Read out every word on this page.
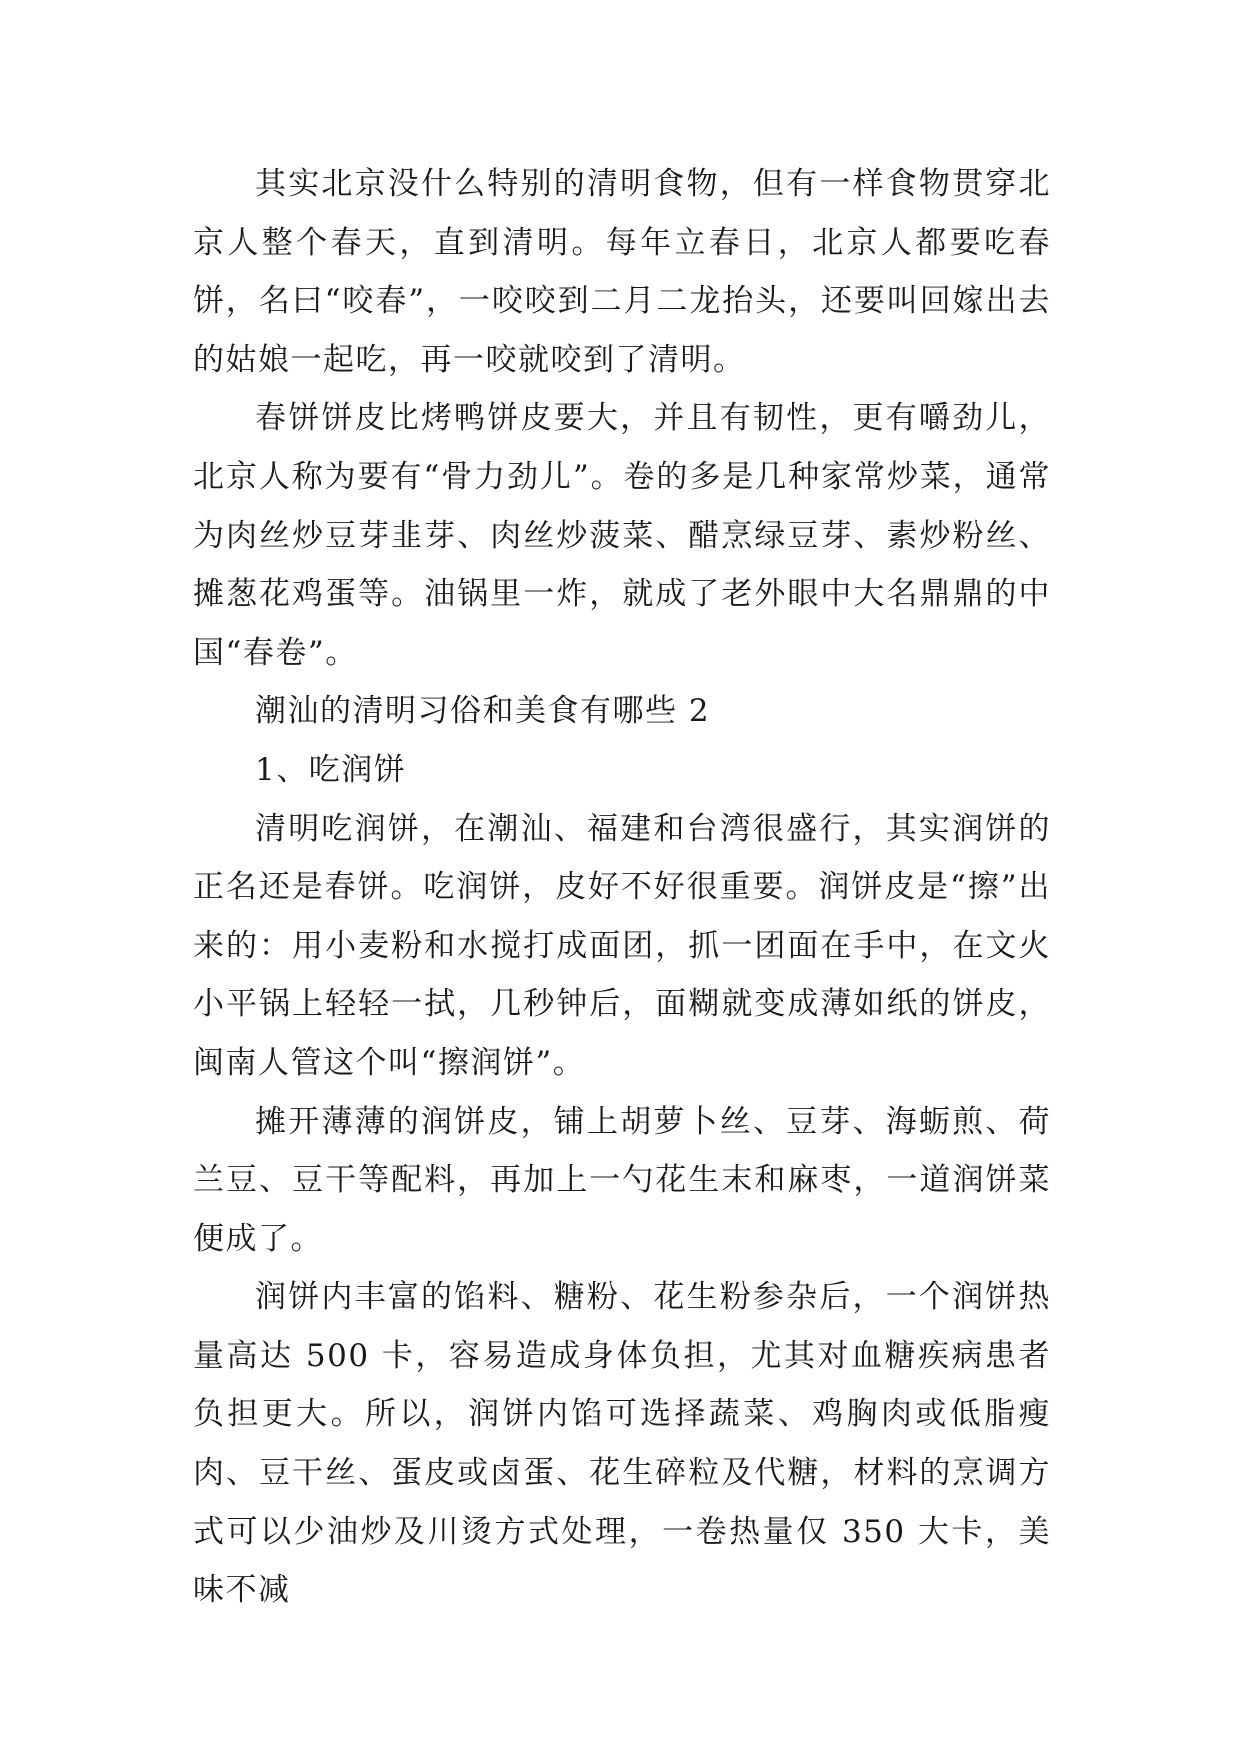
其实北京没什么特别的清明食物，但有一样食物贯穿北京人整个春天，直到清明。每年立春日，北京人都要吃春饼，名曰“咬春”，一咬咬到二月二龙抬头，还要叫回嫁出去的姑娘一起吃，再一咬就咬到了清明。

春饼饼皮比烤鸭饼皮要大，并且有韧性，更有嚼劲儿，北京人称为要有“骨力劲儿”。卷的多是几种家常炒菜，通常为肉丝炒豆芽韭芽、肉丝炒菠菜、醋烹绿豆芽、素炒粉丝、摊葱花鸡蛋等。油锅里一炸，就成了老外眼中大名鼎鼎的中国“春卷”。

潮汕的清明习俗和美食有哪些 2

1、吃润饼

清明吃润饼，在潮汕、福建和台湾很盛行，其实润饼的正名还是春饼。吃润饼，皮好不好很重要。润饼皮是“擦”出来的：用小麦粉和水搅打成面团，抓一团面在手中，在文火小平锅上轻轻一拭，几秒钟后，面糊就变成薄如纸的饼皮，闽南人管这个叫“擦润饼”。

摊开薄薄的润饼皮，铺上胡萝卜丝、豆芽、海蛎煎、荷兰豆、豆干等配料，再加上一勺花生末和麻枣，一道润饼菜便成了。

润饼内丰富的馅料、糖粉、花生粉参杂后，一个润饼热量高达 500 卡，容易造成身体负担，尤其对血糖疾病患者负担更大。所以，润饼内馅可选择蔬菜、鸡胸肉或低脂瘦肉、豆干丝、蛋皮或卤蛋、花生碎粒及代糖，材料的烹调方式可以少油炒及川烫方式处理，一卷热量仅 350 大卡，美味不减
